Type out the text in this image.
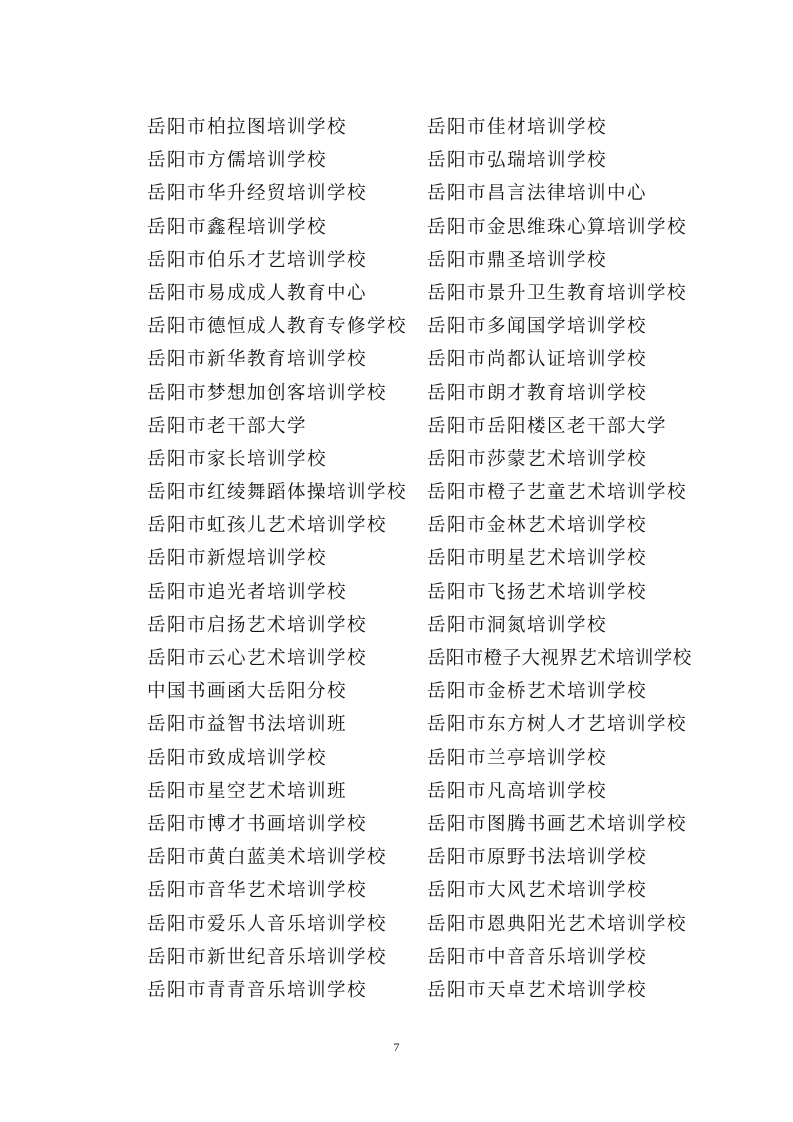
岳阳市柏拉图培训学校
岳阳市方儒培训学校
岳阳市华升经贸培训学校
岳阳市鑫程培训学校
岳阳市伯乐才艺培训学校
岳阳市易成成人教育中心
岳阳市德恒成人教育专修学校
岳阳市新华教育培训学校
岳阳市梦想加创客培训学校
岳阳市老干部大学
岳阳市家长培训学校
岳阳市红绫舞蹈体操培训学校
岳阳市虹孩儿艺术培训学校
岳阳市新煜培训学校
岳阳市追光者培训学校
岳阳市启扬艺术培训学校
岳阳市云心艺术培训学校
中国书画函大岳阳分校
岳阳市益智书法培训班
岳阳市致成培训学校
岳阳市星空艺术培训班
岳阳市博才书画培训学校
岳阳市黄白蓝美术培训学校
岳阳市音华艺术培训学校
岳阳市爱乐人音乐培训学校
岳阳市新世纪音乐培训学校
岳阳市青青音乐培训学校
岳阳市佳材培训学校
岳阳市弘瑞培训学校
岳阳市昌言法律培训中心
岳阳市金思维珠心算培训学校
岳阳市鼎圣培训学校
岳阳市景升卫生教育培训学校
岳阳市多闻国学培训学校
岳阳市尚都认证培训学校
岳阳市朗才教育培训学校
岳阳市岳阳楼区老干部大学
岳阳市莎蒙艺术培训学校
岳阳市橙子艺童艺术培训学校
岳阳市金林艺术培训学校
岳阳市明星艺术培训学校
岳阳市飞扬艺术培训学校
岳阳市洞氮培训学校
岳阳市橙子大视界艺术培训学校
岳阳市金桥艺术培训学校
岳阳市东方树人才艺培训学校
岳阳市兰亭培训学校
岳阳市凡高培训学校
岳阳市图腾书画艺术培训学校
岳阳市原野书法培训学校
岳阳市大风艺术培训学校
岳阳市恩典阳光艺术培训学校
岳阳市中音音乐培训学校
岳阳市天卓艺术培训学校
7
